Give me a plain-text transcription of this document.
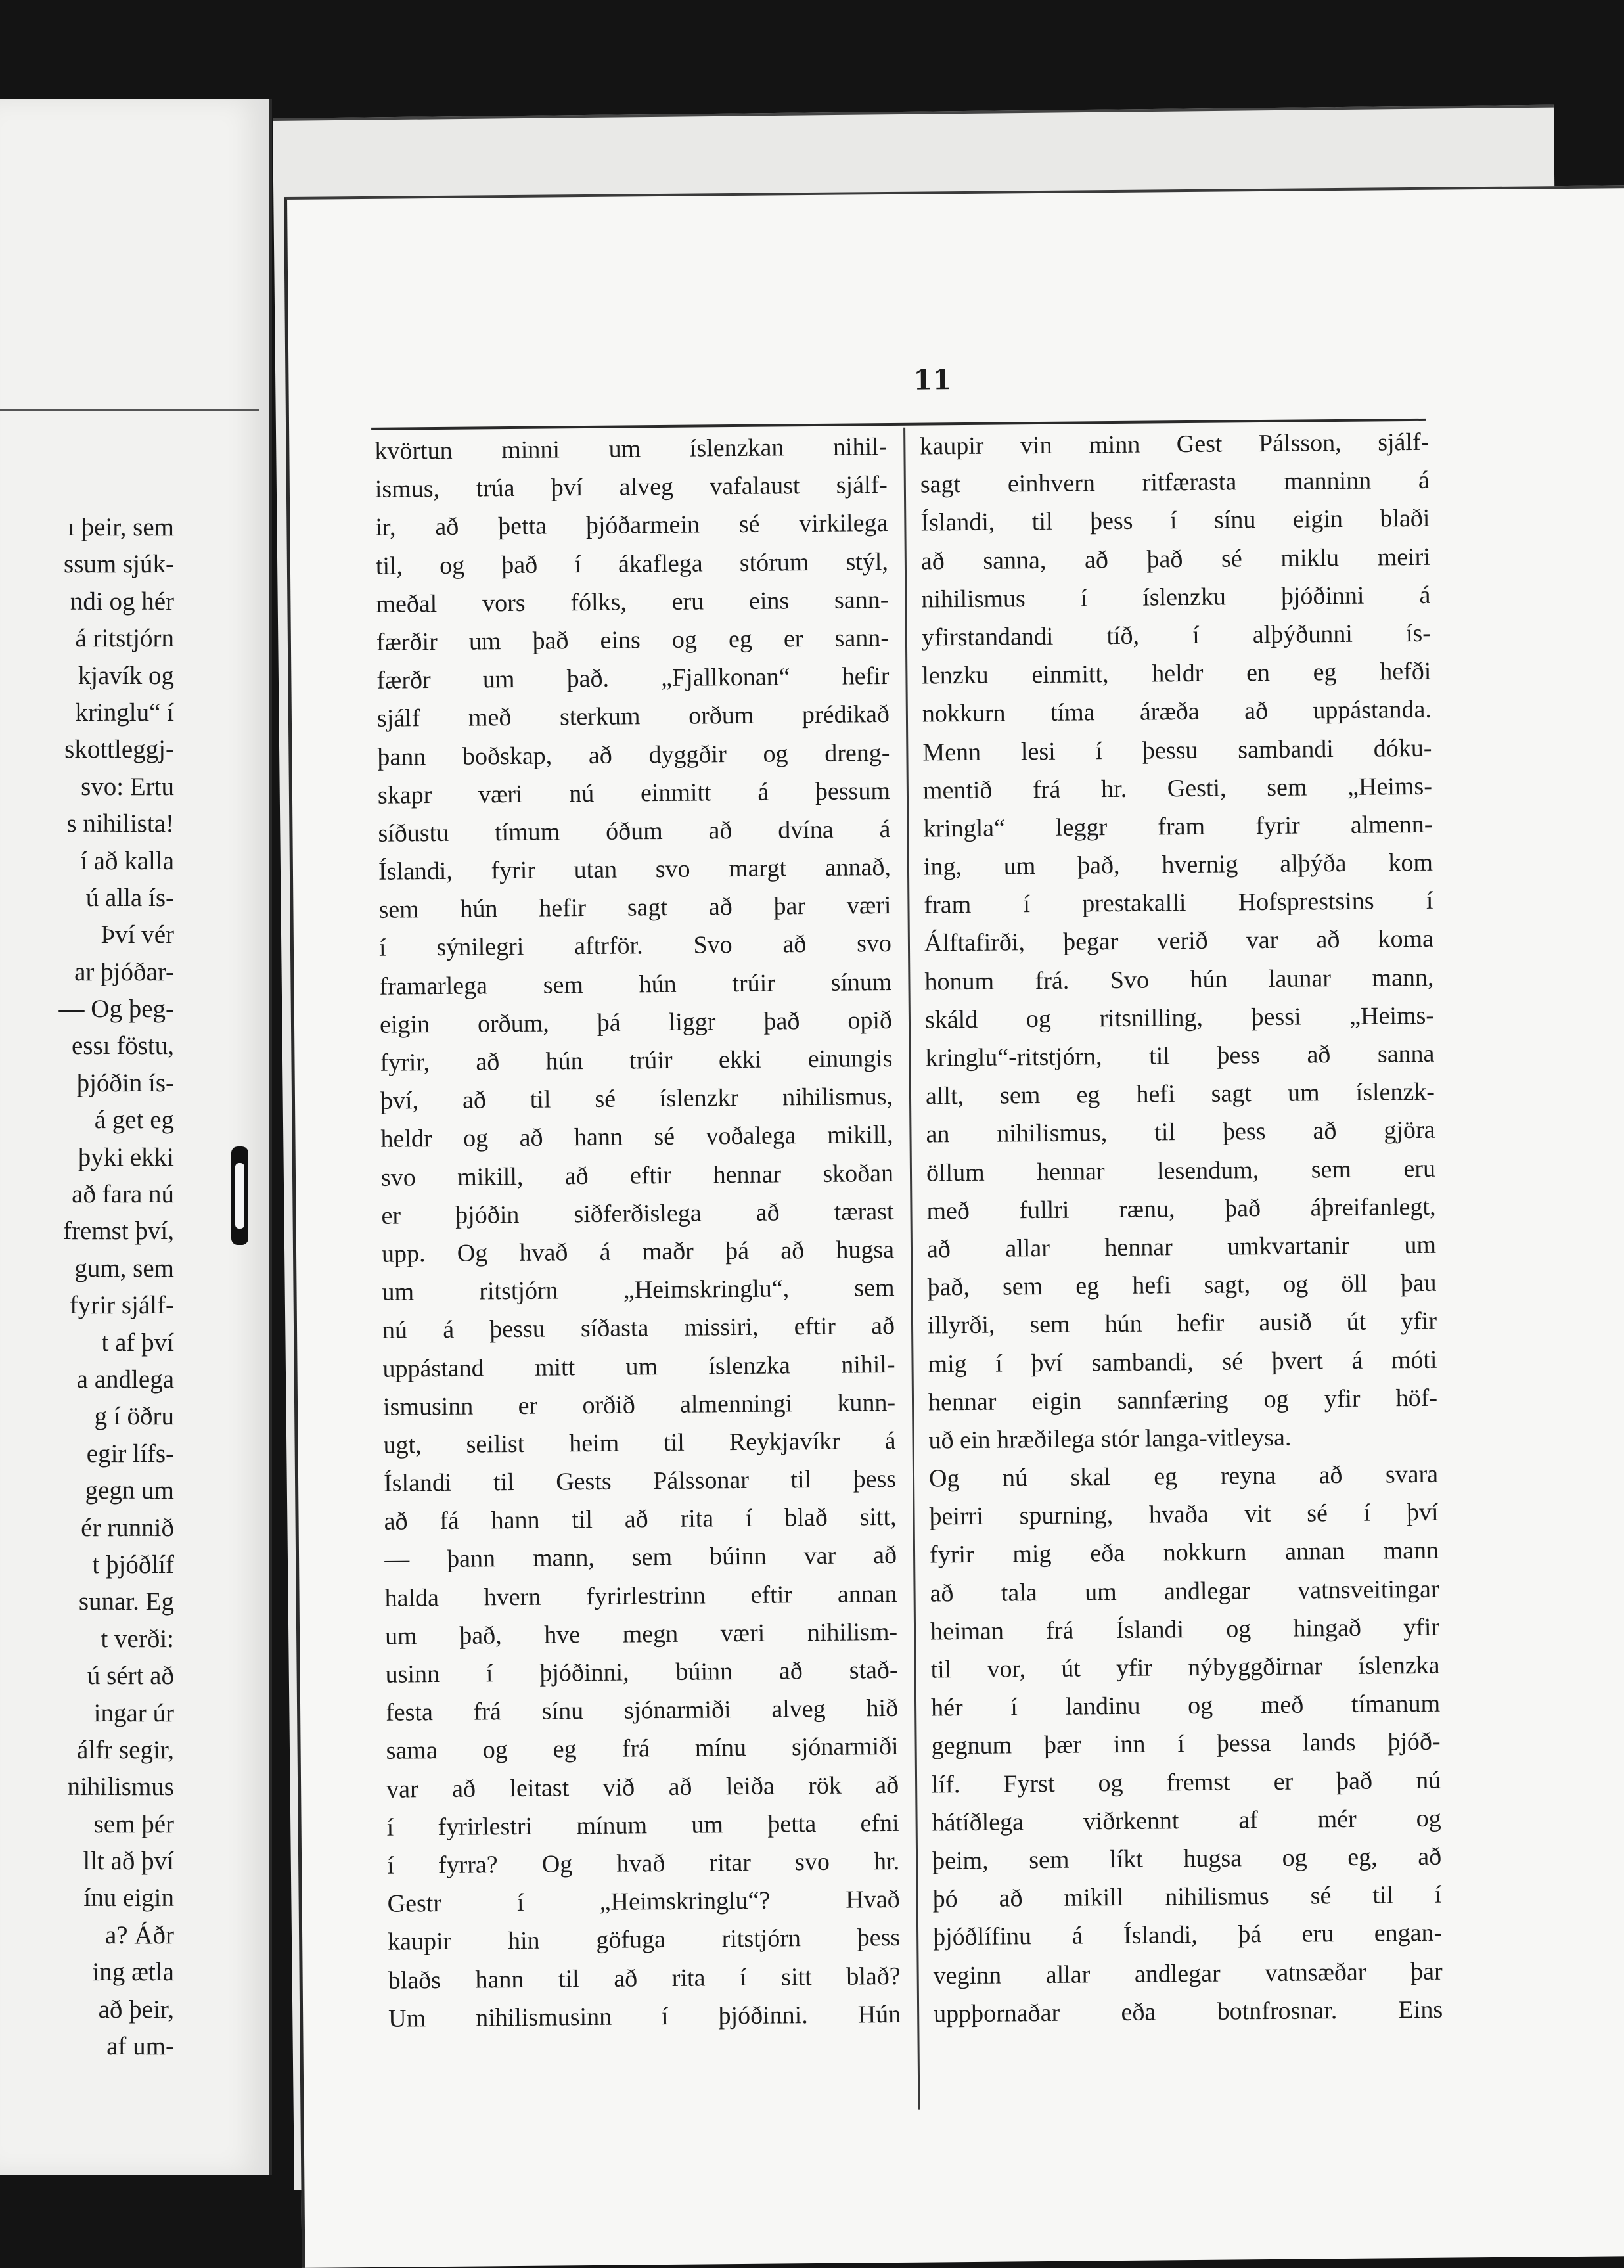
ı þeir, sem
ssum sjúk-
ndi og hér
á ritstjórn
kjavík og
kringlu“ í
skottleggj-
svo: Ertu
s nihilista!
í að kalla
ú alla ís-
Því vér
ar þjóðar-
— Og þeg-
essı föstu,
þjóðin ís-
á get eg
þyki ekki
að fara nú
fremst því,
gum, sem
fyrir sjálf-
t af því
a andlega
g í öðru
egir lífs-
gegn um
ér runnið
t þjóðlíf
sunar. Eg
t verði:
ú sért að
ingar úr
álfr segir,
nihilismus
sem þér
llt að því
ínu eigin
a? Áðr
ing ætla
að þeir,
af um-
11
kvörtun minni um íslenzkan nihil-
ismus, trúa því alveg vafalaust sjálf-
ir, að þetta þjóðarmein sé virkilega
til, og það í ákaflega stórum stýl,
meðal vors fólks, eru eins sann-
færðir um það eins og eg er sann-
færðr um það. „Fjallkonan“ hefir
sjálf með sterkum orðum prédikað
þann boðskap, að dyggðir og dreng-
skapr væri nú einmitt á þessum
síðustu tímum óðum að dvína á
Íslandi, fyrir utan svo margt annað,
sem hún hefir sagt að þar væri
í sýnilegri aftrför. Svo að svo
framarlega sem hún trúir sínum
eigin orðum, þá liggr það opið
fyrir, að hún trúir ekki einungis
því, að til sé íslenzkr nihilismus,
heldr og að hann sé voðalega mikill,
svo mikill, að eftir hennar skoðan
er þjóðin siðferðislega að tærast
upp. Og hvað á maðr þá að hugsa
um ritstjórn „Heimskringlu“, sem
nú á þessu síðasta missiri, eftir að
uppástand mitt um íslenzka nihil-
ismusinn er orðið almenningi kunn-
ugt, seilist heim til Reykjavíkr á
Íslandi til Gests Pálssonar til þess
að fá hann til að rita í blað sitt,
— þann mann, sem búinn var að
halda hvern fyrirlestrinn eftir annan
um það, hve megn væri nihilism-
usinn í þjóðinni, búinn að stað-
festa frá sínu sjónarmiði alveg hið
sama og eg frá mínu sjónarmiði
var að leitast við að leiða rök að
í fyrirlestri mínum um þetta efni
í fyrra? Og hvað ritar svo hr.
Gestr í „Heimskringlu“? Hvað
kaupir hin göfuga ritstjórn þess
blaðs hann til að rita í sitt blað?
Um nihilismusinn í þjóðinni. Hún
kaupir vin minn Gest Pálsson, sjálf-
sagt einhvern ritfærasta manninn á
Íslandi, til þess í sínu eigin blaði
að sanna, að það sé miklu meiri
nihilismus í íslenzku þjóðinni á
yfirstandandi tíð, í alþýðunni ís-
lenzku einmitt, heldr en eg hefði
nokkurn tíma áræða að uppástanda.
Menn lesi í þessu sambandi dóku-
mentið frá hr. Gesti, sem „Heims-
kringla“ leggr fram fyrir almenn-
ing, um það, hvernig alþýða kom
fram í prestakalli Hofsprestsins í
Álftafirði, þegar verið var að koma
honum frá. Svo hún launar mann,
skáld og ritsnilling, þessi „Heims-
kringlu“-ritstjórn, til þess að sanna
allt, sem eg hefi sagt um íslenzk-
an nihilismus, til þess að gjöra
öllum hennar lesendum, sem eru
með fullri rænu, það áþreifanlegt,
að allar hennar umkvartanir um
það, sem eg hefi sagt, og öll þau
illyrði, sem hún hefir ausið út yfir
mig í því sambandi, sé þvert á móti
hennar eigin sannfæring og yfir höf-
uð ein hræðilega stór langa-vitleysa.
Og nú skal eg reyna að svara
þeirri spurning, hvaða vit sé í því
fyrir mig eða nokkurn annan mann
að tala um andlegar vatnsveitingar
heiman frá Íslandi og hingað yfir
til vor, út yfir nýbyggðirnar íslenzka
hér í landinu og með tímanum
gegnum þær inn í þessa lands þjóð-
líf. Fyrst og fremst er það nú
hátíðlega viðrkennt af mér og
þeim, sem líkt hugsa og eg, að
þó að mikill nihilismus sé til í
þjóðlífinu á Íslandi, þá eru engan-
veginn allar andlegar vatnsæðar þar
uppþornaðar eða botnfrosnar. Eins
